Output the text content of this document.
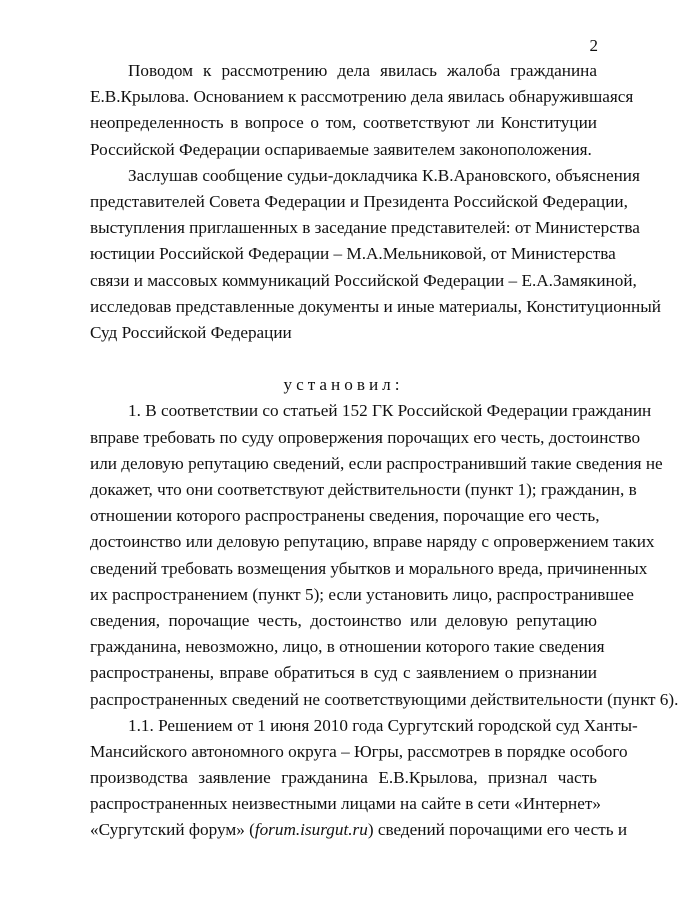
2
Поводом к рассмотрению дела явилась жалоба гражданина
Е.В.Крылова. Основанием к рассмотрению дела явилась обнаружившаяся
неопределенность в вопросе о том, соответствуют ли Конституции
Российской Федерации оспариваемые заявителем законоположения.
Заслушав сообщение судьи-докладчика К.В.Арановского, объяснения
представителей Совета Федерации и Президента Российской Федерации,
выступления приглашенных в заседание представителей: от Министерства
юстиции Российской Федерации – М.А.Мельниковой, от Министерства
связи и массовых коммуникаций Российской Федерации – Е.А.Замякиной,
исследовав представленные документы и иные материалы, Конституционный
Суд Российской Федерации
установил:
1. В соответствии со статьей 152 ГК Российской Федерации гражданин
вправе требовать по суду опровержения порочащих его честь, достоинство
или деловую репутацию сведений, если распространивший такие сведения не
докажет, что они соответствуют действительности (пункт 1); гражданин, в
отношении которого распространены сведения, порочащие его честь,
достоинство или деловую репутацию, вправе наряду с опровержением таких
сведений требовать возмещения убытков и морального вреда, причиненных
их распространением (пункт 5); если установить лицо, распространившее
сведения, порочащие честь, достоинство или деловую репутацию
гражданина, невозможно, лицо, в отношении которого такие сведения
распространены, вправе обратиться в суд с заявлением о признании
распространенных сведений не соответствующими действительности (пункт 6).
1.1. Решением от 1 июня 2010 года Сургутский городской суд Ханты-
Мансийского автономного округа – Югры, рассмотрев в порядке особого
производства заявление гражданина Е.В.Крылова, признал часть
распространенных неизвестными лицами на сайте в сети «Интернет»
«Сургутский форум» (forum.isurgut.ru) сведений порочащими его честь и
